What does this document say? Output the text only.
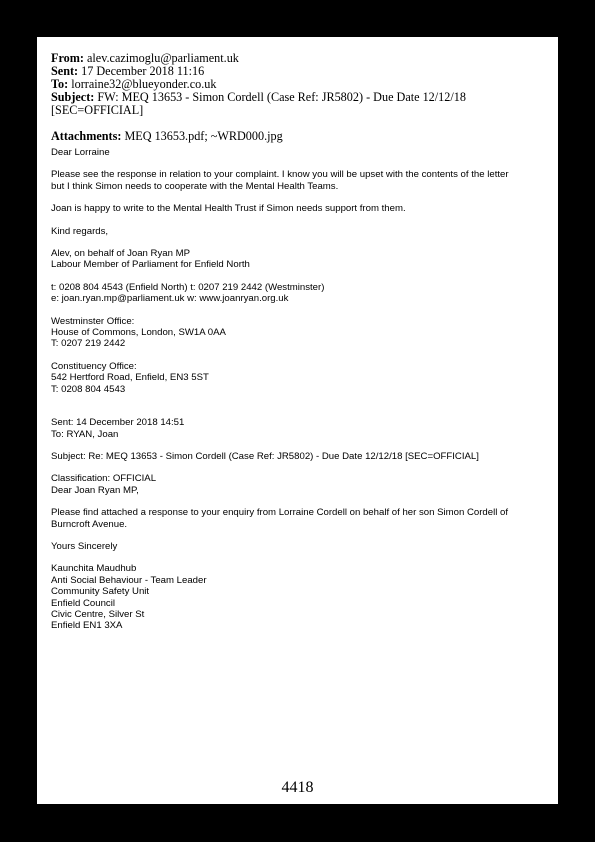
From: alev.cazimoglu@parliament.uk
Sent: 17 December 2018 11:16
To: lorraine32@blueyonder.co.uk
Subject: FW: MEQ 13653 - Simon Cordell (Case Ref: JR5802) - Due Date 12/12/18
[SEC=OFFICIAL]
Attachments: MEQ 13653.pdf; ~WRD000.jpg
Dear Lorraine
Please see the response in relation to your complaint. I know you will be upset with the contents of the letter
but I think Simon needs to cooperate with the Mental Health Teams.
Joan is happy to write to the Mental Health Trust if Simon needs support from them.
Kind regards,
Alev, on behalf of Joan Ryan MP
Labour Member of Parliament for Enfield North
t: 0208 804 4543 (Enfield North) t: 0207 219 2442 (Westminster)
e: joan.ryan.mp@parliament.uk w: www.joanryan.org.uk
Westminster Office:
House of Commons, London, SW1A 0AA
T: 0207 219 2442
Constituency Office:
542 Hertford Road, Enfield, EN3 5ST
T: 0208 804 4543
Sent: 14 December 2018 14:51
To: RYAN, Joan
Subject: Re: MEQ 13653 - Simon Cordell (Case Ref: JR5802) - Due Date 12/12/18 [SEC=OFFICIAL]
Classification: OFFICIAL
Dear Joan Ryan MP,
Please find attached a response to your enquiry from Lorraine Cordell on behalf of her son Simon Cordell of
Burncroft Avenue.
Yours Sincerely
Kaunchita Maudhub
Anti Social Behaviour - Team Leader
Community Safety Unit
Enfield Council
Civic Centre, Silver St
Enfield EN1 3XA
4418
